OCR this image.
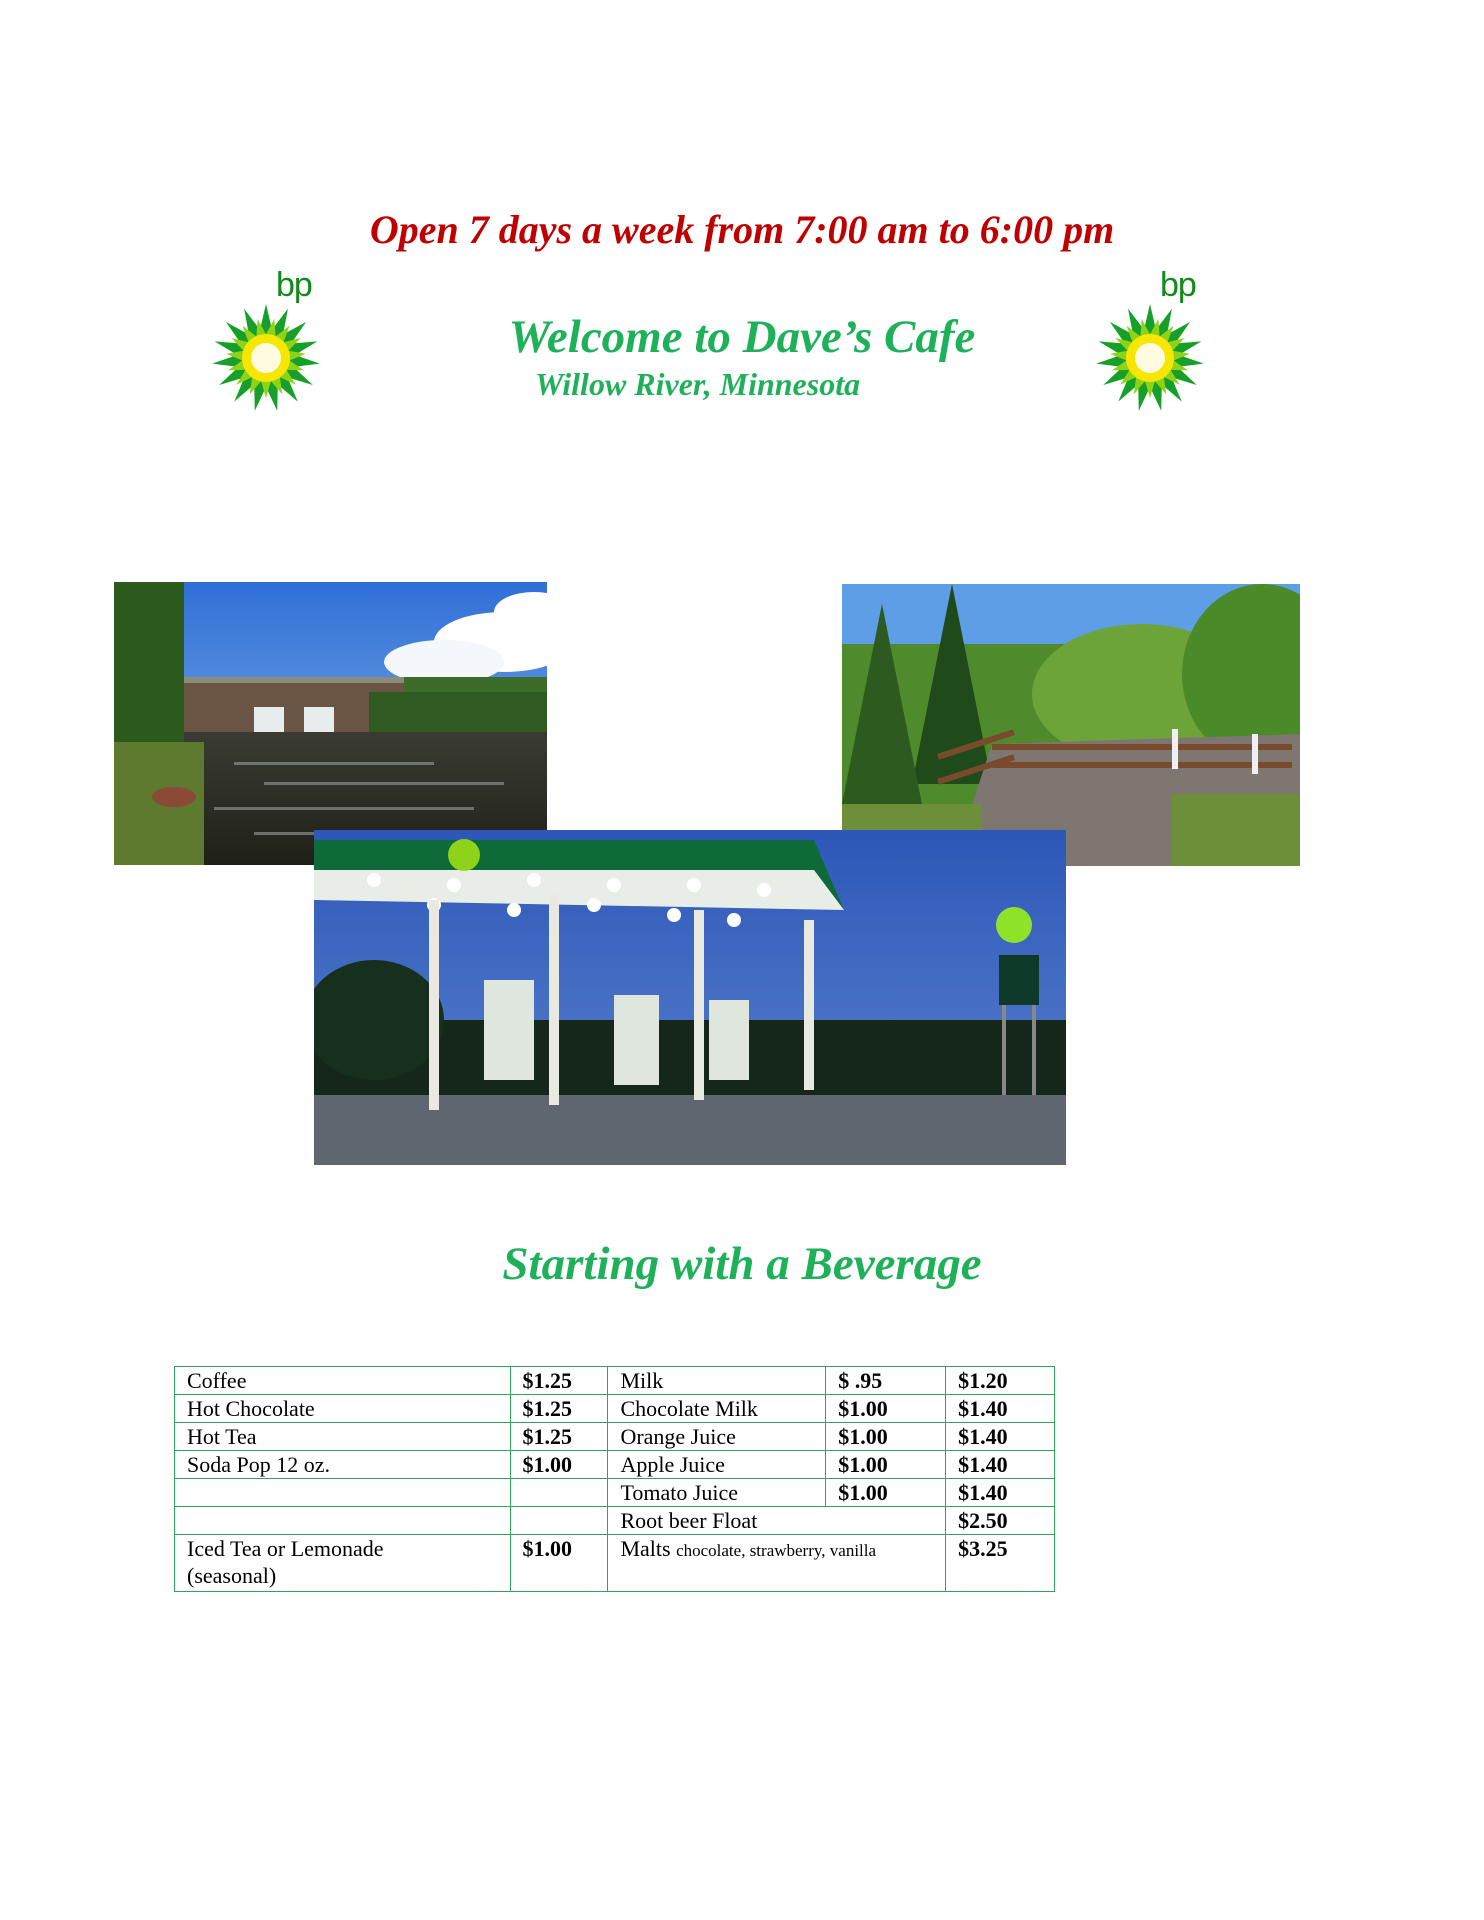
Open 7 days a week from 7:00 am to 6:00 pm
bp	bp
Welcome to Dave’s Cafe
Willow River, Minnesota
Starting with a Beverage
Coffee	$1.25	Milk	$ .95	$1.20
Hot Chocolate	$1.25	Chocolate Milk	$1.00	$1.40
Hot Tea	$1.25	Orange Juice	$1.00	$1.40
Soda Pop 12 oz.	$1.00	Apple Juice	$1.00	$1.40
		Tomato Juice	$1.00	$1.40
		Root beer Float		$2.50
Iced Tea or Lemonade
(seasonal)	$1.00	Malts chocolate, strawberry, vanilla		$3.25
